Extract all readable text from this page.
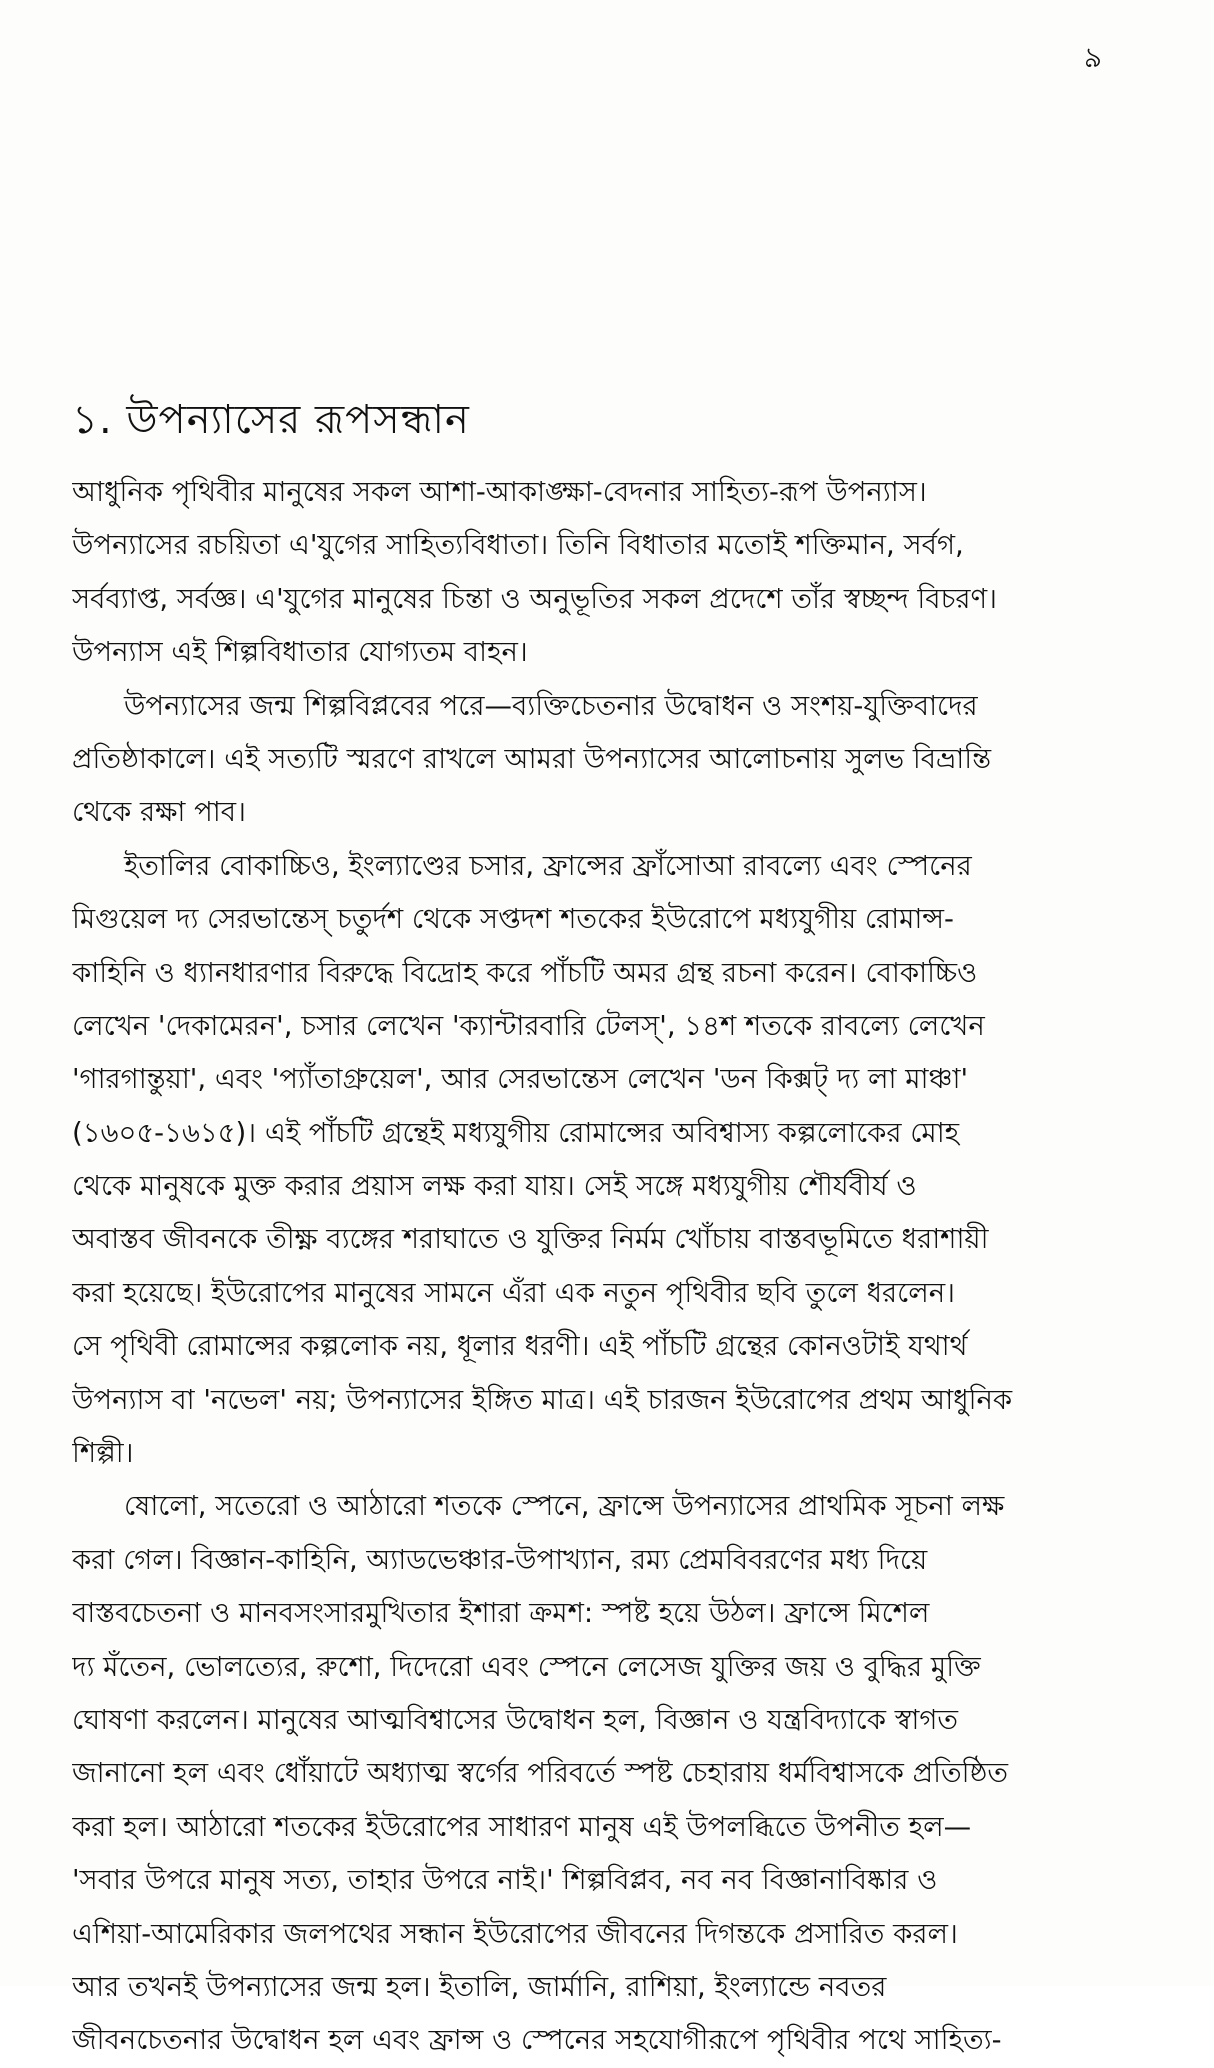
৯
১. উপন্যাসের রূপসন্ধান
আধুনিক পৃথিবীর মানুষের সকল আশা-আকাঙ্ক্ষা-বেদনার সাহিত্য-রূপ উপন্যাস।
উপন্যাসের রচয়িতা এ'যুগের সাহিত্যবিধাতা। তিনি বিধাতার মতোই শক্তিমান, সর্বগ,
সর্বব্যাপ্ত, সর্বজ্ঞ। এ'যুগের মানুষের চিন্তা ও অনুভূতির সকল প্রদেশে তাঁর স্বচ্ছন্দ বিচরণ।
উপন্যাস এই শিল্পবিধাতার যোগ্যতম বাহন।
উপন্যাসের জন্ম শিল্পবিপ্লবের পরে—ব্যক্তিচেতনার উদ্বোধন ও সংশয়-যুক্তিবাদের
প্রতিষ্ঠাকালে। এই সত্যটি স্মরণে রাখলে আমরা উপন্যাসের আলোচনায় সুলভ বিভ্রান্তি
থেকে রক্ষা পাব।
ইতালির বোকাচ্চিও, ইংল্যাণ্ডের চসার, ফ্রান্সের ফ্রাঁসোআ রাবল্যে এবং স্পেনের
মিগুয়েল দ্য সেরভান্তেস্ চতুর্দশ থেকে সপ্তদশ শতকের ইউরোপে মধ্যযুগীয় রোমান্স-
কাহিনি ও ধ্যানধারণার বিরুদ্ধে বিদ্রোহ করে পাঁচটি অমর গ্রন্থ রচনা করেন। বোকাচ্চিও
লেখেন 'দেকামেরন', চসার লেখেন 'ক্যান্টারবারি টেলস্', ১৪শ শতকে রাবল্যে লেখেন
'গারগান্তুয়া', এবং 'প্যাঁতাগ্রুয়েল', আর সেরভান্তেস লেখেন 'ডন কিক্সট্ দ্য লা মাঞ্চা'
(১৬০৫-১৬১৫)। এই পাঁচটি গ্রন্থেই মধ্যযুগীয় রোমান্সের অবিশ্বাস্য কল্পলোকের মোহ
থেকে মানুষকে মুক্ত করার প্রয়াস লক্ষ করা যায়। সেই সঙ্গে মধ্যযুগীয় শৌর্যবীর্য ও
অবাস্তব জীবনকে তীক্ষ্ণ ব্যঙ্গের শরাঘাতে ও যুক্তির নির্মম খোঁচায় বাস্তবভূমিতে ধরাশায়ী
করা হয়েছে। ইউরোপের মানুষের সামনে এঁরা এক নতুন পৃথিবীর ছবি তুলে ধরলেন।
সে পৃথিবী রোমান্সের কল্পলোক নয়, ধূলার ধরণী। এই পাঁচটি গ্রন্থের কোনওটাই যথার্থ
উপন্যাস বা 'নভেল' নয়; উপন্যাসের ইঙ্গিত মাত্র। এই চারজন ইউরোপের প্রথম আধুনিক
শিল্পী।
ষোলো, সতেরো ও আঠারো শতকে স্পেনে, ফ্রান্সে উপন্যাসের প্রাথমিক সূচনা লক্ষ
করা গেল। বিজ্ঞান-কাহিনি, অ্যাডভেঞ্চার-উপাখ্যান, রম্য প্রেমবিবরণের মধ্য দিয়ে
বাস্তবচেতনা ও মানবসংসারমুখিতার ইশারা ক্রমশ: স্পষ্ট হয়ে উঠল। ফ্রান্সে মিশেল
দ্য মঁতেন, ভোলত্যের, রুশো, দিদেরো এবং স্পেনে লেসেজ যুক্তির জয় ও বুদ্ধির মুক্তি
ঘোষণা করলেন। মানুষের আত্মবিশ্বাসের উদ্বোধন হল, বিজ্ঞান ও যন্ত্রবিদ্যাকে স্বাগত
জানানো হল এবং ধোঁয়াটে অধ্যাত্ম স্বর্গের পরিবর্তে স্পষ্ট চেহারায় ধর্মবিশ্বাসকে প্রতিষ্ঠিত
করা হল। আঠারো শতকের ইউরোপের সাধারণ মানুষ এই উপলব্ধিতে উপনীত হল—
'সবার উপরে মানুষ সত্য, তাহার উপরে নাই।' শিল্পবিপ্লব, নব নব বিজ্ঞানাবিষ্কার ও
এশিয়া-আমেরিকার জলপথের সন্ধান ইউরোপের জীবনের দিগন্তকে প্রসারিত করল।
আর তখনই উপন্যাসের জন্ম হল। ইতালি, জার্মানি, রাশিয়া, ইংল্যান্ডে নবতর
জীবনচেতনার উদ্বোধন হল এবং ফ্রান্স ও স্পেনের সহযোগীরূপে পৃথিবীর পথে সাহিত্য-
